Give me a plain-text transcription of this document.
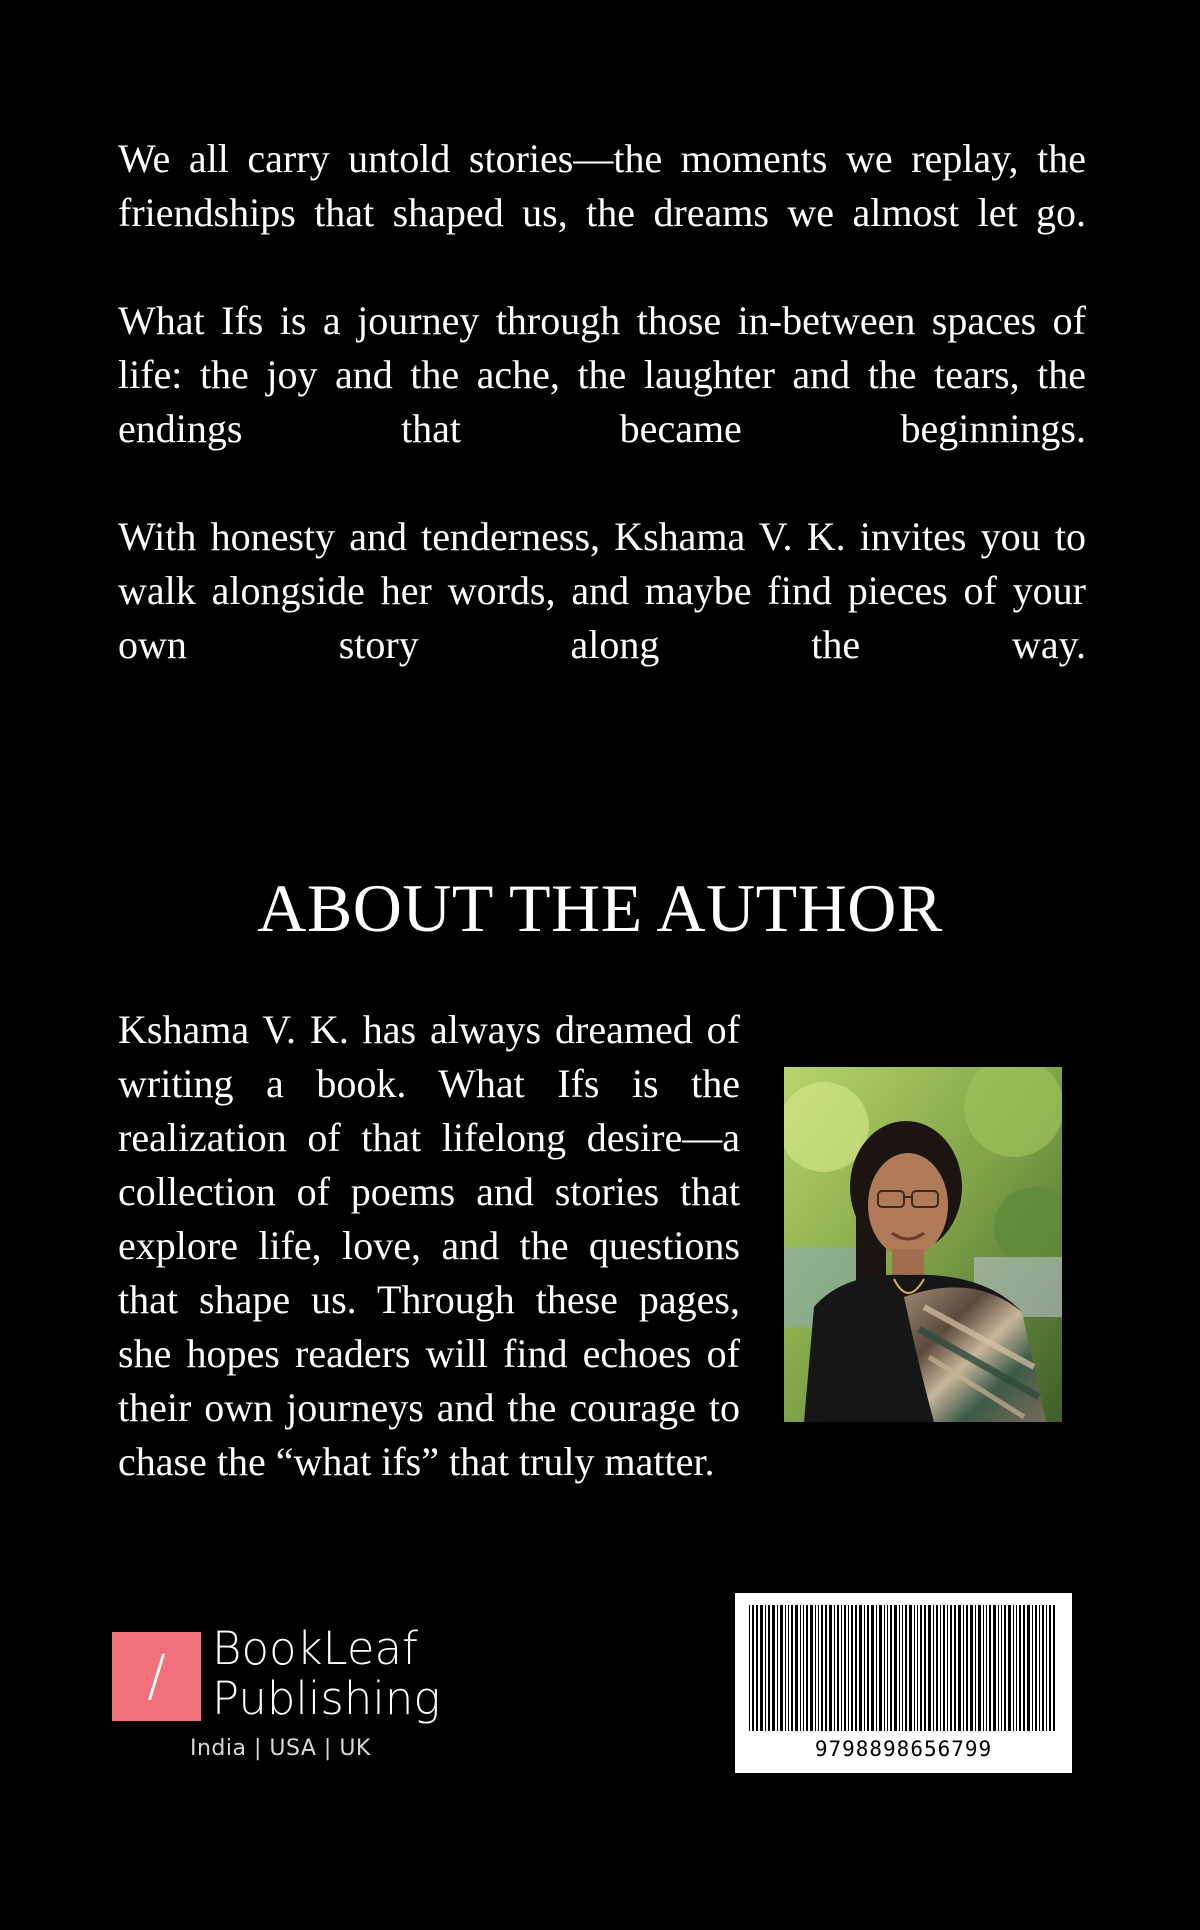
We all carry untold stories—the moments we replay, the friendships that shaped us, the dreams we almost let go.

What Ifs is a journey through those in-between spaces of life: the joy and the ache, the laughter and the tears, the endings that became beginnings.

With honesty and tenderness, Kshama V. K. invites you to walk alongside her words, and maybe find pieces of your own story along the way.

ABOUT THE AUTHOR
Kshama V. K. has always dreamed of writing a book. What Ifs is the realization of that lifelong desire—a collection of poems and stories that explore life, love, and the questions that shape us. Through these pages, she hopes readers will find echoes of their own journeys and the courage to chase the “what ifs” that truly matter.
/	BookLeaf
Publishing
India | USA | UK	9798898656799
